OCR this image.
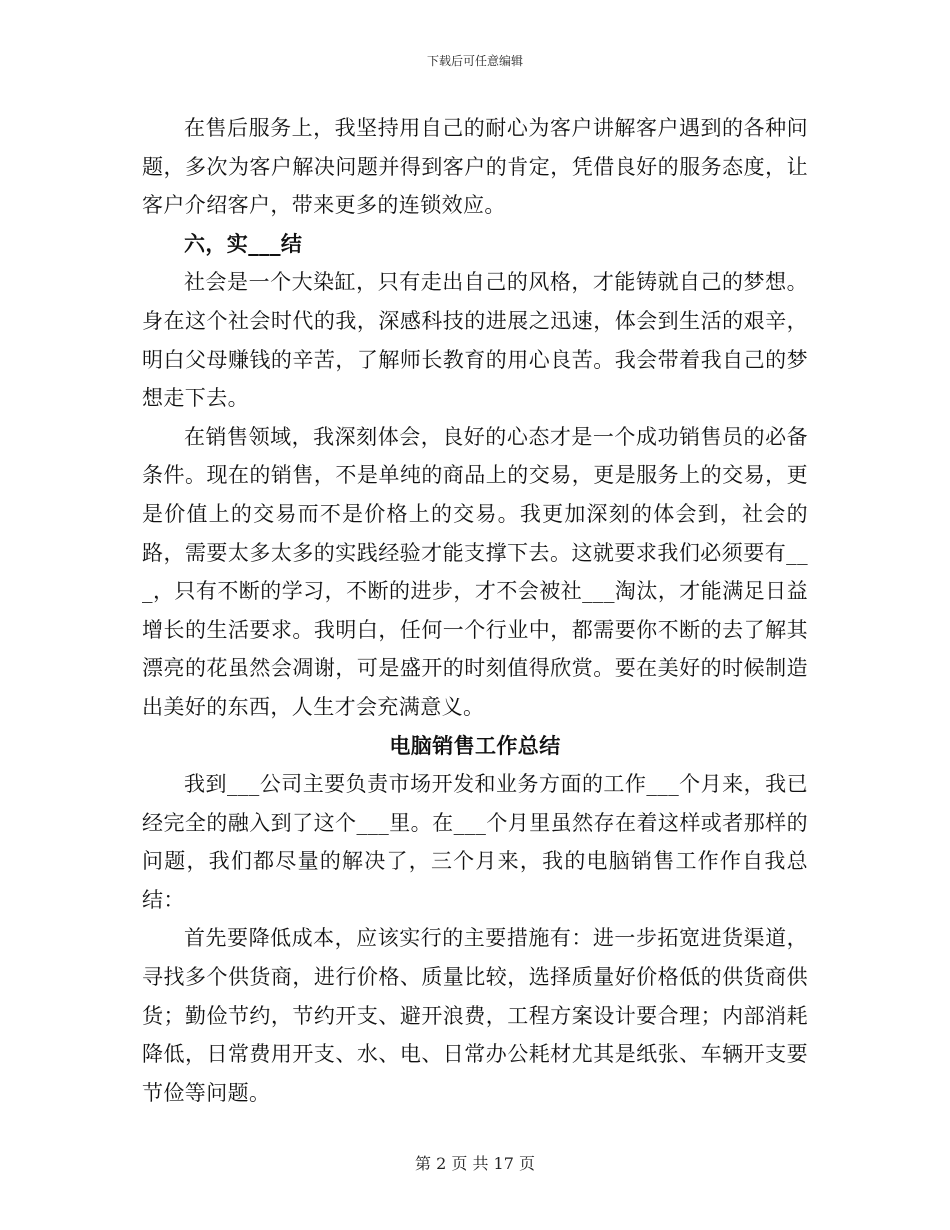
下载后可任意编辑

在售后服务上，我坚持用自己的耐心为客户讲解客户遇到的各种问题，多次为客户解决问题并得到客户的肯定，凭借良好的服务态度，让客户介绍客户，带来更多的连锁效应。

六，实___结

社会是一个大染缸，只有走出自己的风格，才能铸就自己的梦想。身在这个社会时代的我，深感科技的进展之迅速，体会到生活的艰辛，明白父母赚钱的辛苦，了解师长教育的用心良苦。我会带着我自己的梦想走下去。

在销售领域，我深刻体会，良好的心态才是一个成功销售员的必备条件。现在的销售，不是单纯的商品上的交易，更是服务上的交易，更是价值上的交易而不是价格上的交易。我更加深刻的体会到，社会的路，需要太多太多的实践经验才能支撑下去。这就要求我们必须要有___，只有不断的学习，不断的进步，才不会被社___淘汰，才能满足日益增长的生活要求。我明白，任何一个行业中，都需要你不断的去了解其漂亮的花虽然会凋谢，可是盛开的时刻值得欣赏。要在美好的时候制造出美好的东西，人生才会充满意义。

电脑销售工作总结

我到___公司主要负责市场开发和业务方面的工作___个月来，我已经完全的融入到了这个___里。在___个月里虽然存在着这样或者那样的问题，我们都尽量的解决了，三个月来，我的电脑销售工作作自我总结：

首先要降低成本，应该实行的主要措施有：进一步拓宽进货渠道，寻找多个供货商，进行价格、质量比较，选择质量好价格低的供货商供货；勤俭节约，节约开支、避开浪费，工程方案设计要合理；内部消耗降低，日常费用开支、水、电、日常办公耗材尤其是纸张、车辆开支要节俭等问题。

第 2 页 共 17 页
